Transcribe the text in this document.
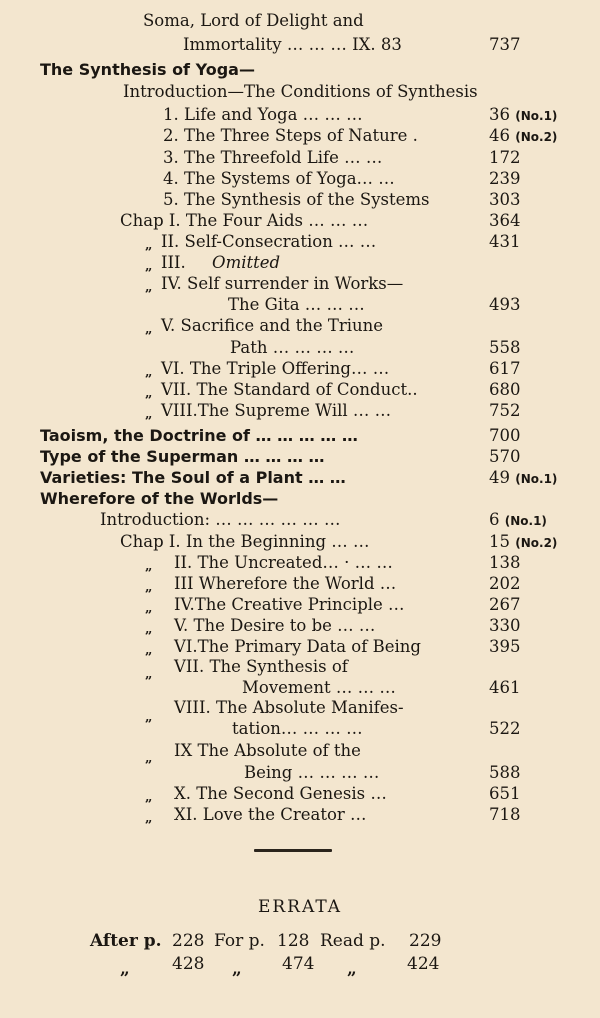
Soma, Lord of Delight and
Immortality … … … IX. 83	737
The Synthesis of Yoga—
Introduction—The Conditions of Synthesis
1. Life and Yoga … … …	36 (No.1)
2. The Three Steps of Nature .	46 (No.2)
3. The Threefold Life … …	172
4. The Systems of Yoga… …	239
5. The Synthesis of the Systems	303
Chap I. The Four Aids … … …	364
„ II. Self-Consecration … …	431
„ III. Omitted
„ IV. Self surrender in Works—
The Gita … … …	493
„ V. Sacrifice and the Triune
Path … … … …	558
„ VI. The Triple Offering… …	617
„ VII. The Standard of Conduct..	680
„ VIII.The Supreme Will … …	752
Taoism, the Doctrine of … … … … …	700
Type of the Superman … … … …	570
Varieties: The Soul of a Plant … …	49 (No.1)
Wherefore of the Worlds—
Introduction: … … … … … …	6 (No.1)
Chap I. In the Beginning … …	15 (No.2)
„ II. The Uncreated… · … …	138
„ III Wherefore the World …	202
„ IV.The Creative Principle …	267
„ V. The Desire to be … …	330
„ VI.The Primary Data of Being	395
„ VII. The Synthesis of
Movement … … …	461
„
VIII. The Absolute Manifes-
tation… … … …	522
„ IX The Absolute of the
Being … … … …	588
„ X. The Second Genesis …	651
„ XI. Love the Creator …	718
ERRATA
After p. 228 For p. 128 Read p. 229
„ 428 „ 474 „	424
